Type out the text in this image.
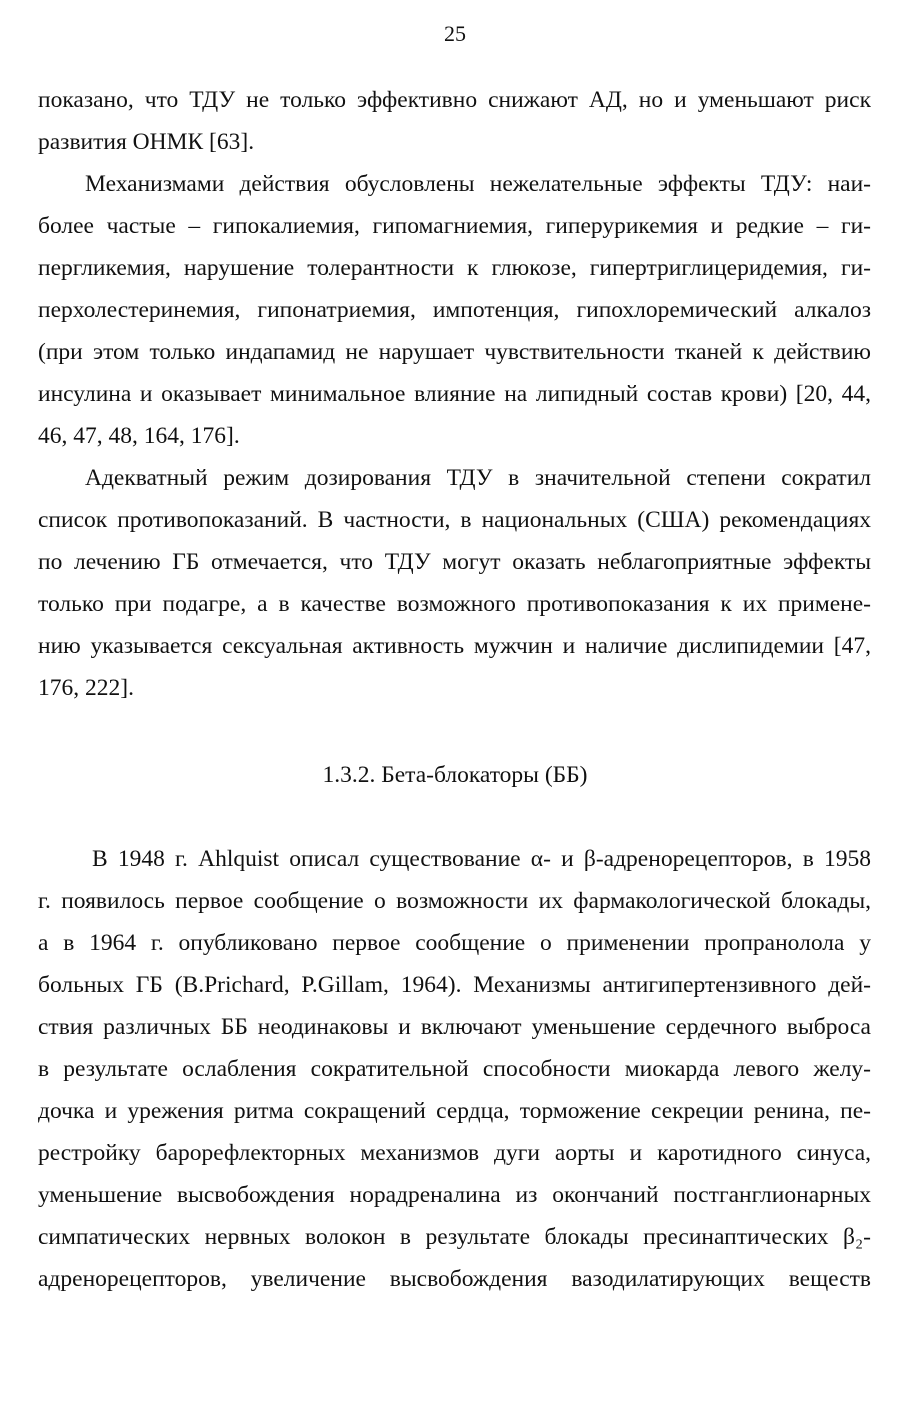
25
показано, что ТДУ не только эффективно снижают АД, но и уменьшают риск
развития ОНМК [63].
Механизмами действия обусловлены нежелательные эффекты ТДУ: наи-
более частые – гипокалиемия, гипомагниемия, гиперурикемия и редкие – ги-
пергликемия, нарушение толерантности к глюкозе, гипертриглицеридемия, ги-
перхолестеринемия, гипонатриемия, импотенция, гипохлоремический алкалоз
(при этом только индапамид не нарушает чувствительности тканей к действию
инсулина и оказывает минимальное влияние на липидный состав крови) [20, 44,
46, 47, 48, 164, 176].
Адекватный режим дозирования ТДУ в значительной степени сократил
список противопоказаний. В частности, в национальных (США) рекомендациях
по лечению ГБ отмечается, что ТДУ могут оказать неблагоприятные эффекты
только при подагре, а в качестве возможного противопоказания к их примене-
нию указывается сексуальная активность мужчин и наличие дислипидемии [47,
176, 222].
1.3.2. Бета-блокаторы (ББ)
В 1948 г. Ahlquist описал существование α- и β-адренорецепторов, в 1958
г. появилось первое сообщение о возможности их фармакологической блокады,
а в 1964 г. опубликовано первое сообщение о применении пропранолола у
больных ГБ (B.Prichard, P.Gillam, 1964). Механизмы антигипертензивного дей-
ствия различных ББ неодинаковы и включают уменьшение сердечного выброса
в результате ослабления сократительной способности миокарда левого желу-
дочка и урежения ритма сокращений сердца, торможение секреции ренина, пе-
рестройку барорефлекторных механизмов дуги аорты и каротидного синуса,
уменьшение высвобождения норадреналина из окончаний постганглионарных
симпатических нервных волокон в результате блокады пресинаптических β₂-
адренорецепторов, увеличение высвобождения вазодилатирующих веществ
